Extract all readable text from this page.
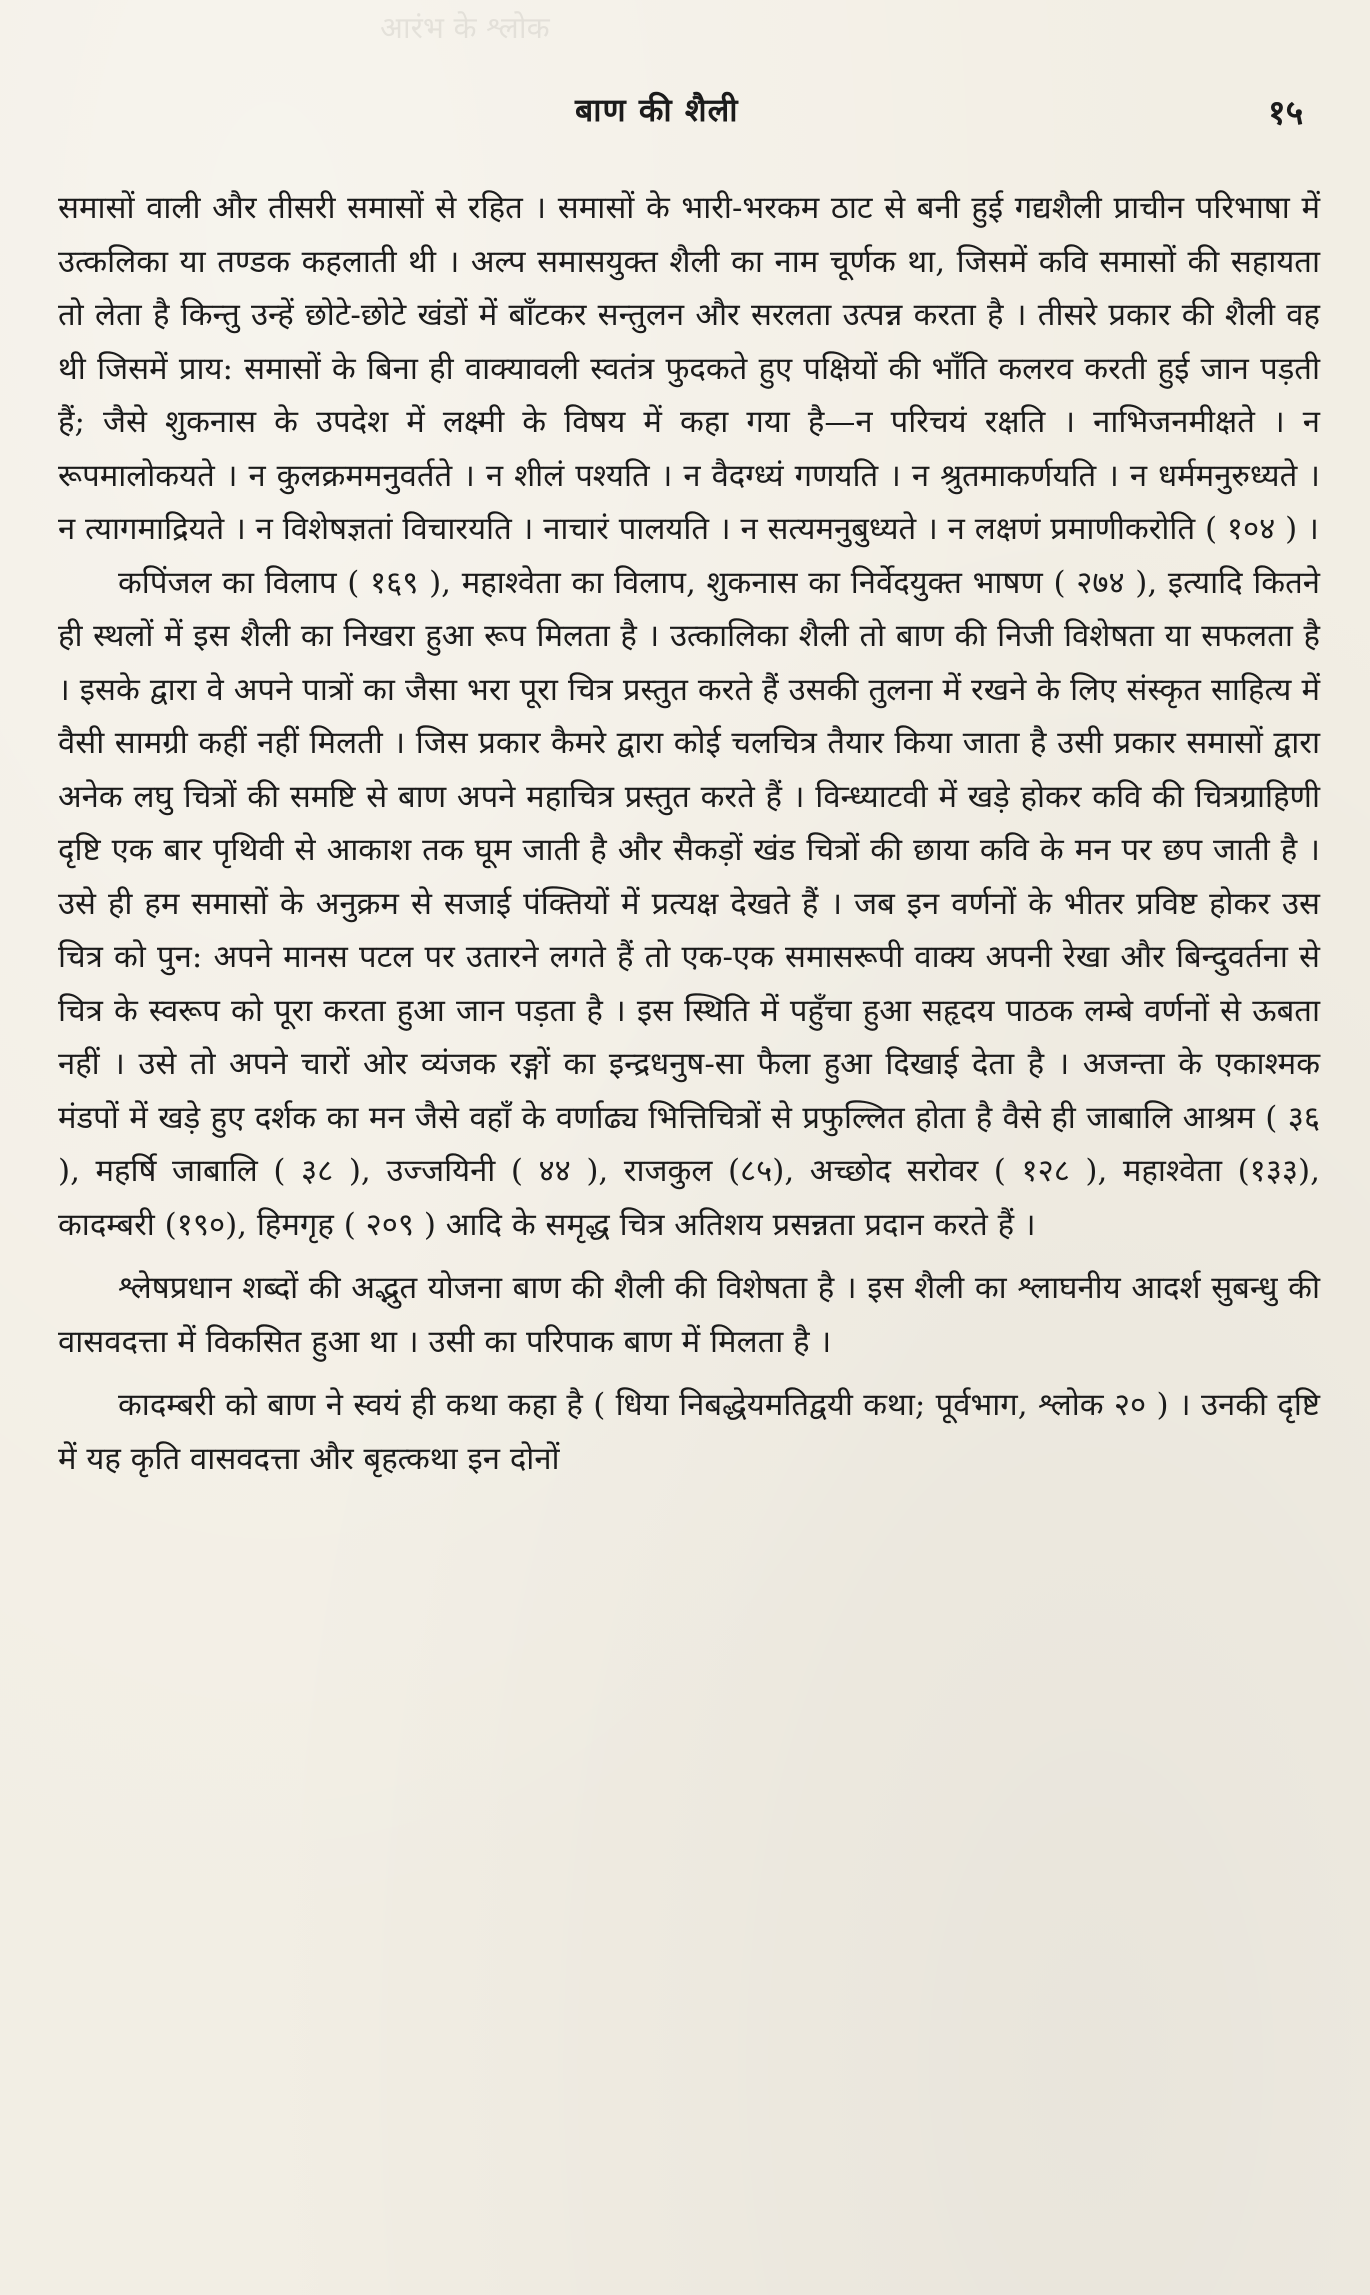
आरंभ के श्लोक
बाण की शैली	१५

समासों वाली और तीसरी समासों से रहित । समासों के भारी-भरकम ठाट से बनी हुई गद्यशैली प्राचीन परिभाषा में उत्कलिका या तण्डक कहलाती थी । अल्प समासयुक्त शैली का नाम चूर्णक था, जिसमें कवि समासों की सहायता तो लेता है किन्तु उन्हें छोटे-छोटे खंडों में बाँटकर सन्तुलन और सरलता उत्पन्न करता है । तीसरे प्रकार की शैली वह थी जिसमें प्राय: समासों के बिना ही वाक्यावली स्वतंत्र फुदकते हुए पक्षियों की भाँति कलरव करती हुई जान पड़ती हैं; जैसे शुकनास के उपदेश में लक्ष्मी के विषय में कहा गया है—न परिचयं रक्षति । नाभिजनमीक्षते । न रूपमालोकयते । न कुलक्रममनुवर्तते । न शीलं पश्यति । न वैदग्ध्यं गणयति । न श्रुतमाकर्णयति । न धर्ममनुरुध्यते । न त्यागमाद्रियते । न विशेषज्ञतां विचारयति । नाचारं पालयति । न सत्यमनुबुध्यते । न लक्षणं प्रमाणीकरोति ( १०४ ) ।

कपिंजल का विलाप ( १६९ ), महाश्वेता का विलाप, शुकनास का निर्वेदयुक्त भाषण ( २७४ ), इत्यादि कितने ही स्थलों में इस शैली का निखरा हुआ रूप मिलता है । उत्कालिका शैली तो बाण की निजी विशेषता या सफलता है । इसके द्वारा वे अपने पात्रों का जैसा भरा पूरा चित्र प्रस्तुत करते हैं उसकी तुलना में रखने के लिए संस्कृत साहित्य में वैसी सामग्री कहीं नहीं मिलती । जिस प्रकार कैमरे द्वारा कोई चलचित्र तैयार किया जाता है उसी प्रकार समासों द्वारा अनेक लघु चित्रों की समष्टि से बाण अपने महाचित्र प्रस्तुत करते हैं । विन्ध्याटवी में खड़े होकर कवि की चित्रग्राहिणी दृष्टि एक बार पृथिवी से आकाश तक घूम जाती है और सैकड़ों खंड चित्रों की छाया कवि के मन पर छप जाती है । उसे ही हम समासों के अनुक्रम से सजाई पंक्तियों में प्रत्यक्ष देखते हैं । जब इन वर्णनों के भीतर प्रविष्ट होकर उस चित्र को पुन: अपने मानस पटल पर उतारने लगते हैं तो एक-एक समासरूपी वाक्य अपनी रेखा और बिन्दुवर्तना से चित्र के स्वरूप को पूरा करता हुआ जान पड़ता है । इस स्थिति में पहुँचा हुआ सहृदय पाठक लम्बे वर्णनों से ऊबता नहीं । उसे तो अपने चारों ओर व्यंजक रङ्गों का इन्द्रधनुष-सा फैला हुआ दिखाई देता है । अजन्ता के एकाश्मक मंडपों में खड़े हुए दर्शक का मन जैसे वहाँ के वर्णाढ्य भित्तिचित्रों से प्रफुल्लित होता है वैसे ही जाबालि आश्रम ( ३६ ), महर्षि जाबालि ( ३८ ), उज्जयिनी ( ४४ ), राजकुल (८५), अच्छोद सरोवर ( १२८ ), महाश्वेता (१३३), कादम्बरी (१९०), हिमगृह ( २०९ ) आदि के समृद्ध चित्र अतिशय प्रसन्नता प्रदान करते हैं ।

श्लेषप्रधान शब्दों की अद्भुत योजना बाण की शैली की विशेषता है । इस शैली का श्लाघनीय आदर्श सुबन्धु की वासवदत्ता में विकसित हुआ था । उसी का परिपाक बाण में मिलता है ।

कादम्बरी को बाण ने स्वयं ही कथा कहा है ( धिया निबद्धेयमतिद्वयी कथा; पूर्वभाग, श्लोक २० ) । उनकी दृष्टि में यह कृति वासवदत्ता और बृहत्कथा इन दोनों
